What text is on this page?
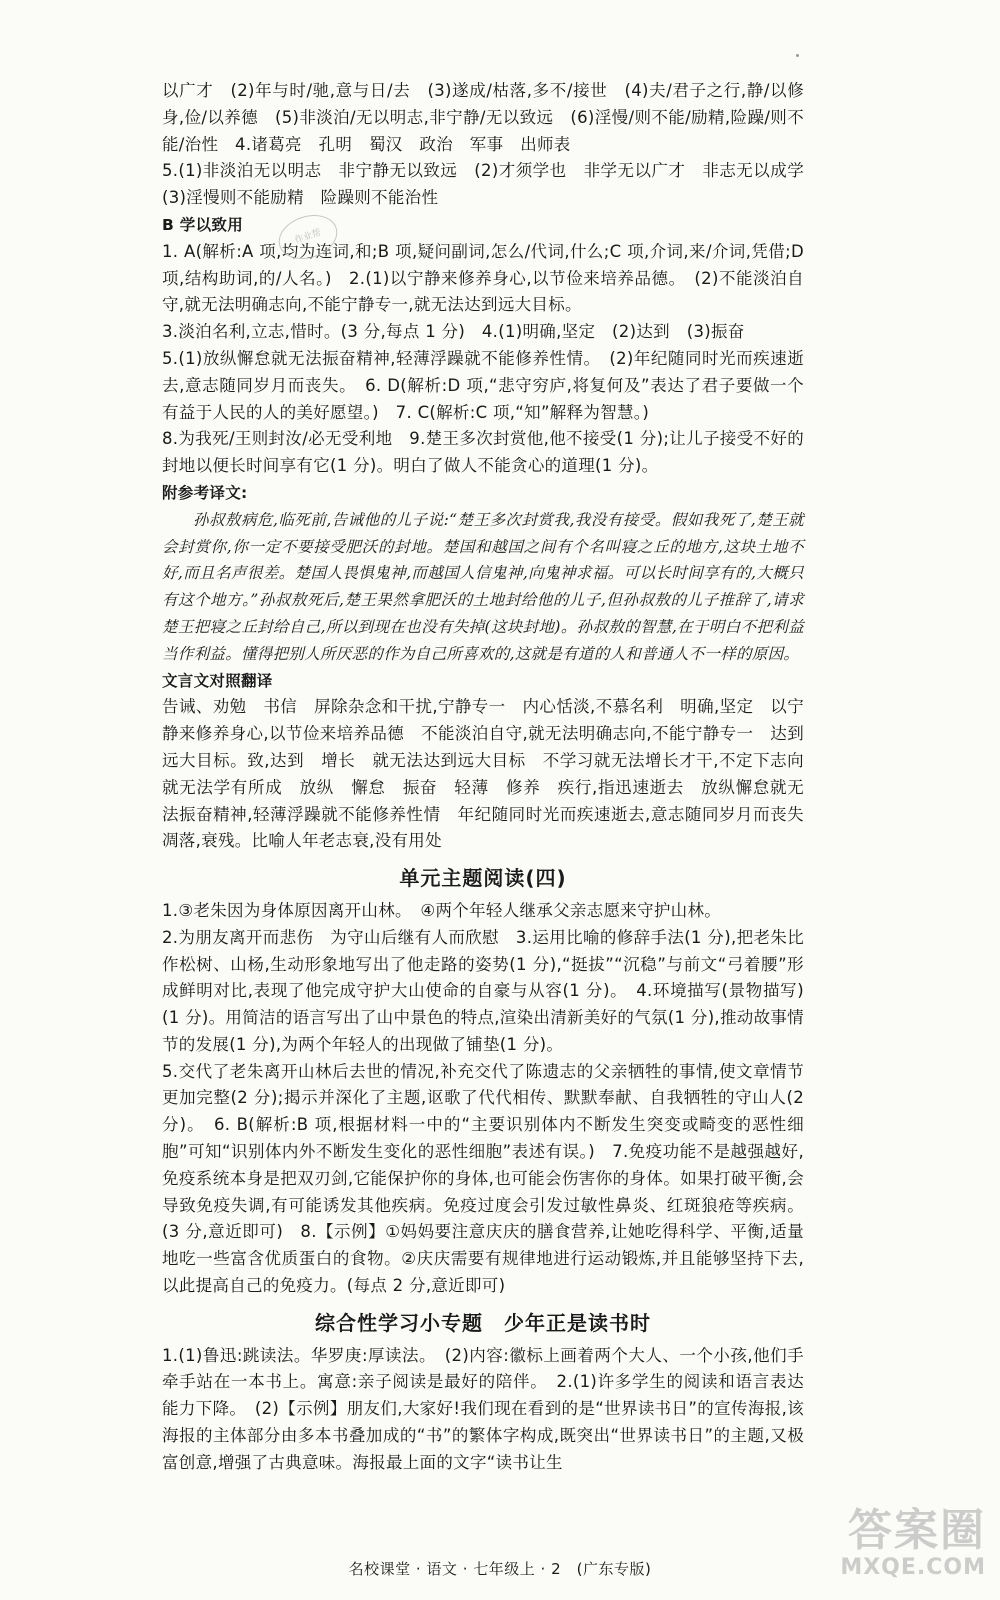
以广才　(2)年与时/驰,意与日/去　(3)遂成/枯落,多不/接世　(4)夫/君子之行,静/以修身,俭/以养德　(5)非淡泊/无以明志,非宁静/无以致远　(6)淫慢/则不能/励精,险躁/则不能/治性　4.诸葛亮　孔明　蜀汉　政治　军事　出师表

5.(1)非淡泊无以明志　非宁静无以致远　(2)才须学也　非学无以广才　非志无以成学　(3)淫慢则不能励精　险躁则不能治性

B 学以致用

1. A(解析:A 项,均为连词,和;B 项,疑问副词,怎么/代词,什么;C 项,介词,来/介词,凭借;D 项,结构助词,的/人名。)　2.(1)以宁静来修养身心,以节俭来培养品德。　(2)不能淡泊自守,就无法明确志向,不能宁静专一,就无法达到远大目标。

3.淡泊名利,立志,惜时。(3 分,每点 1 分)　4.(1)明确,坚定　(2)达到　(3)振奋

5.(1)放纵懈怠就无法振奋精神,轻薄浮躁就不能修养性情。　(2)年纪随同时光而疾速逝去,意志随同岁月而丧失。　6. D(解析:D 项,“悲守穷庐,将复何及”表达了君子要做一个有益于人民的人的美好愿望。)　7. C(解析:C 项,“知”解释为智慧。)

8.为我死/王则封汝/必无受利地　9.楚王多次封赏他,他不接受(1 分);让儿子接受不好的封地以便长时间享有它(1 分)。明白了做人不能贪心的道理(1 分)。

附参考译文:

孙叔敖病危,临死前,告诫他的儿子说:“楚王多次封赏我,我没有接受。假如我死了,楚王就会封赏你,你一定不要接受肥沃的封地。楚国和越国之间有个名叫寝之丘的地方,这块土地不好,而且名声很差。楚国人畏惧鬼神,而越国人信鬼神,向鬼神求福。可以长时间享有的,大概只有这个地方。”孙叔敖死后,楚王果然拿肥沃的土地封给他的儿子,但孙叔敖的儿子推辞了,请求楚王把寝之丘封给自己,所以到现在也没有失掉(这块封地)。孙叔敖的智慧,在于明白不把利益当作利益。懂得把别人所厌恶的作为自己所喜欢的,这就是有道的人和普通人不一样的原因。

文言文对照翻译

告诫、劝勉　书信　屏除杂念和干扰,宁静专一　内心恬淡,不慕名利　明确,坚定　以宁静来修养身心,以节俭来培养品德　不能淡泊自守,就无法明确志向,不能宁静专一　达到远大目标。致,达到　增长　就无法达到远大目标　不学习就无法增长才干,不定下志向就无法学有所成　放纵　懈怠　振奋　轻薄　修养　疾行,指迅速逝去　放纵懈怠就无法振奋精神,轻薄浮躁就不能修养性情　年纪随同时光而疾速逝去,意志随同岁月而丧失　凋落,衰残。比喻人年老志衰,没有用处

单元主题阅读(四)

1.③老朱因为身体原因离开山林。　④两个年轻人继承父亲志愿来守护山林。

2.为朋友离开而悲伤　为守山后继有人而欣慰　3.运用比喻的修辞手法(1 分),把老朱比作松树、山杨,生动形象地写出了他走路的姿势(1 分),“挺拔”“沉稳”与前文“弓着腰”形成鲜明对比,表现了他完成守护大山使命的自豪与从容(1 分)。　4.环境描写(景物描写)(1 分)。用简洁的语言写出了山中景色的特点,渲染出清新美好的气氛(1 分),推动故事情节的发展(1 分),为两个年轻人的出现做了铺垫(1 分)。

5.交代了老朱离开山林后去世的情况,补充交代了陈遗志的父亲牺牲的事情,使文章情节更加完整(2 分);揭示并深化了主题,讴歌了代代相传、默默奉献、自我牺牲的守山人(2 分)。　6. B(解析:B 项,根据材料一中的“主要识别体内不断发生突变或畸变的恶性细胞”可知“识别体内外不断发生变化的恶性细胞”表述有误。)　7.免疫功能不是越强越好,免疫系统本身是把双刃剑,它能保护你的身体,也可能会伤害你的身体。如果打破平衡,会导致免疫失调,有可能诱发其他疾病。免疫过度会引发过敏性鼻炎、红斑狼疮等疾病。(3 分,意近即可)　8.【示例】①妈妈要注意庆庆的膳食营养,让她吃得科学、平衡,适量地吃一些富含优质蛋白的食物。②庆庆需要有规律地进行运动锻炼,并且能够坚持下去,以此提高自己的免疫力。(每点 2 分,意近即可)

综合性学习小专题　少年正是读书时

1.(1)鲁迅:跳读法。华罗庚:厚读法。　(2)内容:徽标上画着两个大人、一个小孩,他们手牵手站在一本书上。寓意:亲子阅读是最好的陪伴。　2.(1)许多学生的阅读和语言表达能力下降。　(2)【示例】朋友们,大家好!我们现在看到的是“世界读书日”的宣传海报,该海报的主体部分由多本书叠加成的“书”的繁体字构成,既突出“世界读书日”的主题,又极富创意,增强了古典意味。海报最上面的文字“读书让生

作业帮
名校课堂 · 语文 · 七年级上 · 2　(广东专版)
答案圈
MXQE.COM
